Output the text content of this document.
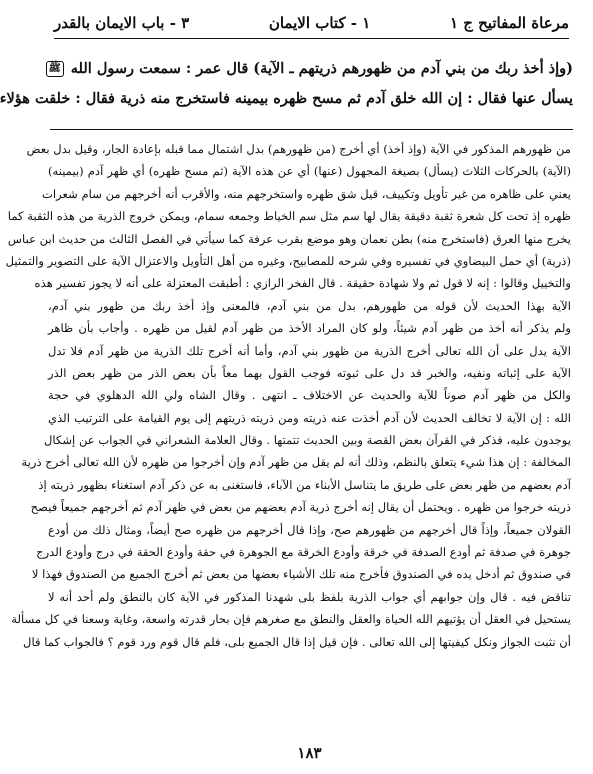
مرعاة المفاتيح ج ١
١ - كتاب الايمان
٣ - باب الايمان بالقدر
(وإذ أخذ ربك من بني آدم من ظهورهم ذريتهم ـ الآية) قال عمر : سمعت رسول الله ﷺ
يسأل عنها فقال : إن الله خلق آدم ثم مسح ظهره بيمينه فاستخرج منه ذرية فقال : خلقت هؤلاء
من ظهورهم المذكور في الآية (وإذ أخذ) أي أخرج (من ظهورهم) بدل اشتمال مما قبله بإعادة الجار، وقيل بدل بعض
(الآية) بالحركات الثلاث (يسأل) بصيغة المجهول (عنها) أي عن هذه الآية (ثم مسح ظهره) أي ظهر آدم (بيمينه)
يعني على ظاهره من غير تأويل وتكييف، قيل شق ظهره واستخرجهم منه، والأقرب أنه أخرجهم من سام شعرات
ظهره إذ تحت كل شعرة ثقبة دقيقة يقال لها سم مثل سم الخياط وجمعه سمام، ويمكن خروج الذرية من هذه الثقبة كما
يخرج منها العرق (فاستخرج منه) بطن نعمان وهو موضع بقرب عرفة كما سيأتي في الفصل الثالث من حديث ابن عباس
(ذرية) أي حمل البيضاوي في تفسيره وفي شرحه للمصابيح، وغيره من أهل التأويل والاعتزال الآية على التصوير والتمثيل
والتخييل وقالوا : إنه لا قول ثم ولا شهادة حقيقة . قال الفخر الرازي : أطبقت المعتزلة على أنه لا يجوز تفسير هذه
الآية بهذا الحديث لأن قوله من ظهورهم، بدل من بني آدم، فالمعنى وإذ أخذ ربك من ظهور بني آدم،
ولم يذكر أنه أخذ من ظهر آدم شيئاً، ولو كان المراد الأخذ من ظهر آدم لقيل من ظهره . وأجاب بأن ظاهر
الآية يدل على أن الله تعالى أخرج الذرية من ظهور بني آدم، وأما أنه أخرج تلك الذرية من ظهر آدم فلا تدل
الآية على إثباته ونفيه، والخبر قد دل على ثبوته فوجب القول بهما معاً بأن بعض الذر من ظهر بعض الذر
والكل من ظهر آدم صوناً للآية والحديث عن الاختلاف ـ انتهى . وقال الشاه ولي الله الدهلوي في حجة
الله : إن الآية لا تخالف الحديث لأن آدم أخذت عنه ذريته ومن ذريته ذريتهم إلى يوم القيامة على الترتيب الذي
يوجدون عليه، فذكر في القرآن بعض القصة وبين الحديث تتمتها . وقال العلامة الشعراني في الجواب عن إشكال
المخالفة : إن هذا شيء يتعلق بالنظم، وذلك أنه لم يقل من ظهر آدم وإن أخرجوا من ظهره لأن الله تعالى أخرج ذرية
آدم بعضهم من ظهر بعض على طريق ما يتناسل الأبناء من الآباء، فاستغنى به عن ذكر آدم استغناء بظهور ذريته إذ
ذريته خرجوا من ظهره . ويحتمل أن يقال إنه أخرج ذرية آدم بعضهم من بعض في ظهر آدم ثم أخرجهم جميعاً فيصح
القولان جميعاً، وإذاً قال أخرجهم من ظهورهم صح، وإذا قال أخرجهم من ظهره صح أيضاً، ومثال ذلك من أودع
جوهرة في صدفة ثم أودع الصدفة في خرقة وأودع الخرقة مع الجوهرة في حقة وأودع الحقة في درج وأودع الدرج
في صندوق ثم أدخل يده في الصندوق فأخرج منه تلك الأشياء بعضها من بعض ثم أخرج الجميع من الصندوق فهذا لا
تناقض فيه . قال وإن جوابهم أي جواب الذرية بلفظ بلى شهدنا المذكور في الآية كان بالنطق ولم أحد أنه لا
يستحيل في العقل أن يؤتيهم الله الحياة والعقل والنطق مع صغرهم فإن بحار قدرته واسعة، وغاية وسعنا في كل مسألة
أن نثبت الجواز ونكل كيفيتها إلى الله تعالى . فإن قيل إذا قال الجميع بلى، فلم قال قوم ورد قوم ؟ فالجواب كما قال
١٨٣
